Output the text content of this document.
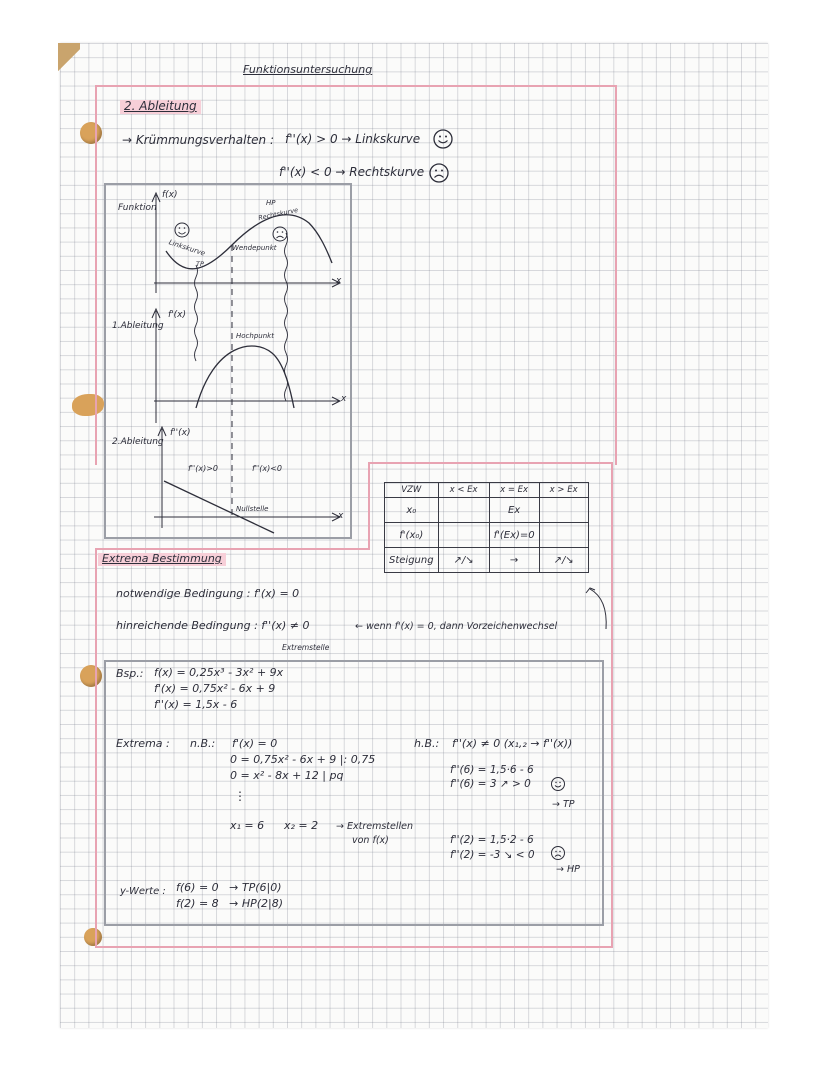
Funktionsuntersuchung
2. Ableitung
→ Krümmungsverhalten : f''(x) > 0 → Linkskurve
f''(x) < 0 → Rechtskurve
Funktion
f(x)
HP
Rechtskurve
Linkskurve	Wendepunkt
TP
x
1.Ableitung
f'(x)
Hochpunkt
x
2.Ableitung
f''(x)
f''(x)>0	f''(x)<0
Nullstelle
x
VZW	x < Ex	x = Ex	x > Ex
x₀		Ex	
f'(x₀)		f'(Ex)=0	
Steigung	↗/↘	→	↗/↘
Extrema Bestimmung
notwendige Bedingung : f'(x) = 0
hinreichende Bedingung : f''(x) ≠ 0
Extremstelle
← wenn f'(x) = 0, dann Vorzeichenwechsel
Bsp.: f(x) = 0,25x³ - 3x² + 9x
f'(x) = 0,75x² - 6x + 9
f''(x) = 1,5x - 6
Extrema : n.B.: f'(x) = 0
0 = 0,75x² - 6x + 9 |: 0,75
0 = x² - 8x + 12 | pq
⋮
x₁ = 6 x₂ = 2 → Extremstellen
von f(x)
h.B.: f''(x) ≠ 0 (x₁,₂ → f''(x))
f''(6) = 1,5·6 - 6
f''(6) = 3 ↗ > 0
→ TP
f''(2) = 1,5·2 - 6
f''(2) = -3 ↘ < 0
→ HP
y-Werte : f(6) = 0   → TP(6|0)
f(2) = 8   → HP(2|8)
